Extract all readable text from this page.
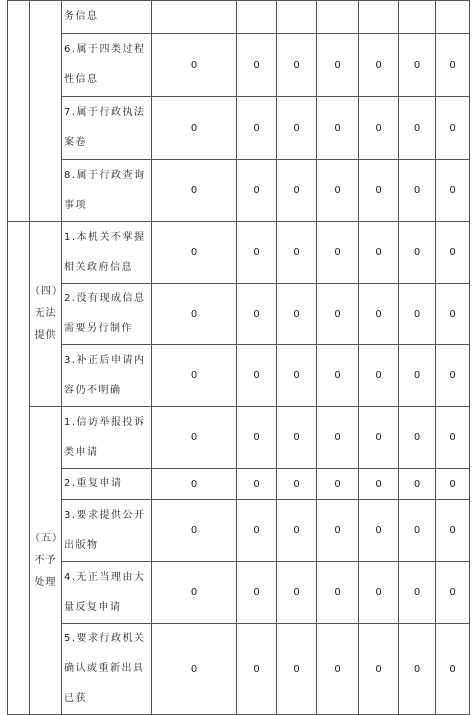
		务信息							
		6.属于四类过程性信息	0	0	0	0	0	0	0
		7.属于行政执法案卷	0	0	0	0	0	0	0
		8.属于行政查询事项	0	0	0	0	0	0	0

	（四）
无法
提供	1.本机关不掌握相关政府信息	0	0	0	0	0	0	0
		2.没有现成信息需要另行制作	0	0	0	0	0	0	0
		3.补正后申请内容仍不明确	0	0	0	0	0	0	0

	（五）
不予
处理	1.信访举报投诉类申请	0	0	0	0	0	0	0
		2.重复申请	0	0	0	0	0	0	0
		3.要求提供公开出版物	0	0	0	0	0	0	0
		4.无正当理由大量反复申请	0	0	0	0	0	0	0
		5.要求行政机关确认或重新出具已获	0	0	0	0	0	0	0
